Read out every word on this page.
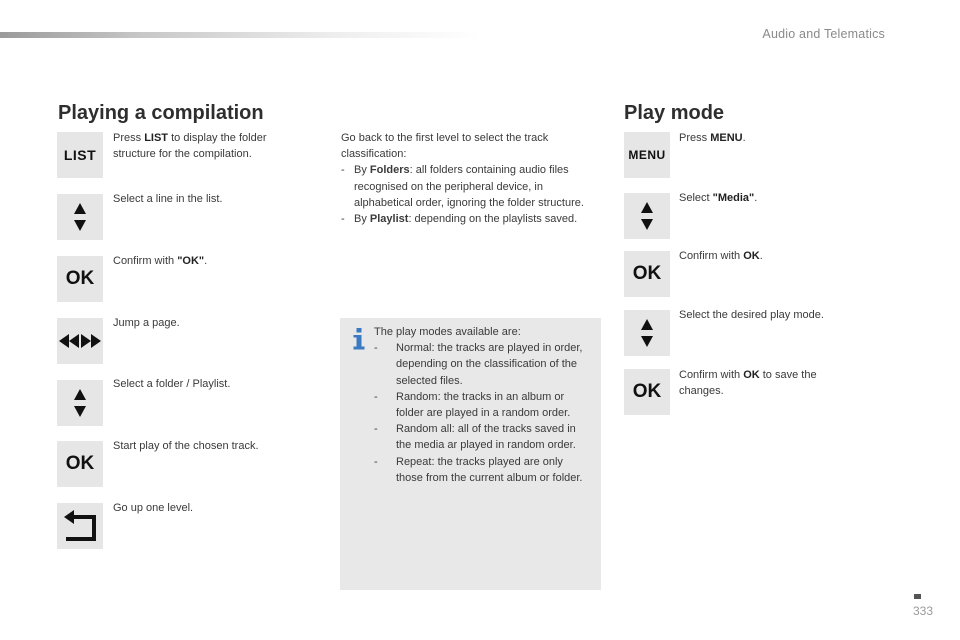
Audio and Telematics
Playing a compilation
LIST
Press LIST to display the folder structure for the compilation.
Select a line in the list.
OK
Confirm with "OK".
Jump a page.
Select a folder / Playlist.
OK
Start play of the chosen track.
Go up one level.
Go back to the first level to select the track classification:
- By Folders: all folders containing audio files recognised on the peripheral device, in alphabetical order, ignoring the folder structure.
- By Playlist: depending on the playlists saved.
The play modes available are:
-	Normal: the tracks are played in order, depending on the classification of the selected files.
-	Random: the tracks in an album or folder are played in a random order.
-	Random all: all of the tracks saved in the media ar played in random order.
-	Repeat: the tracks played are only those from the current album or folder.
Play mode
MENU
Press MENU.
Select "Media".
OK
Confirm with OK.
Select the desired play mode.
OK
Confirm with OK to save the changes.
333
